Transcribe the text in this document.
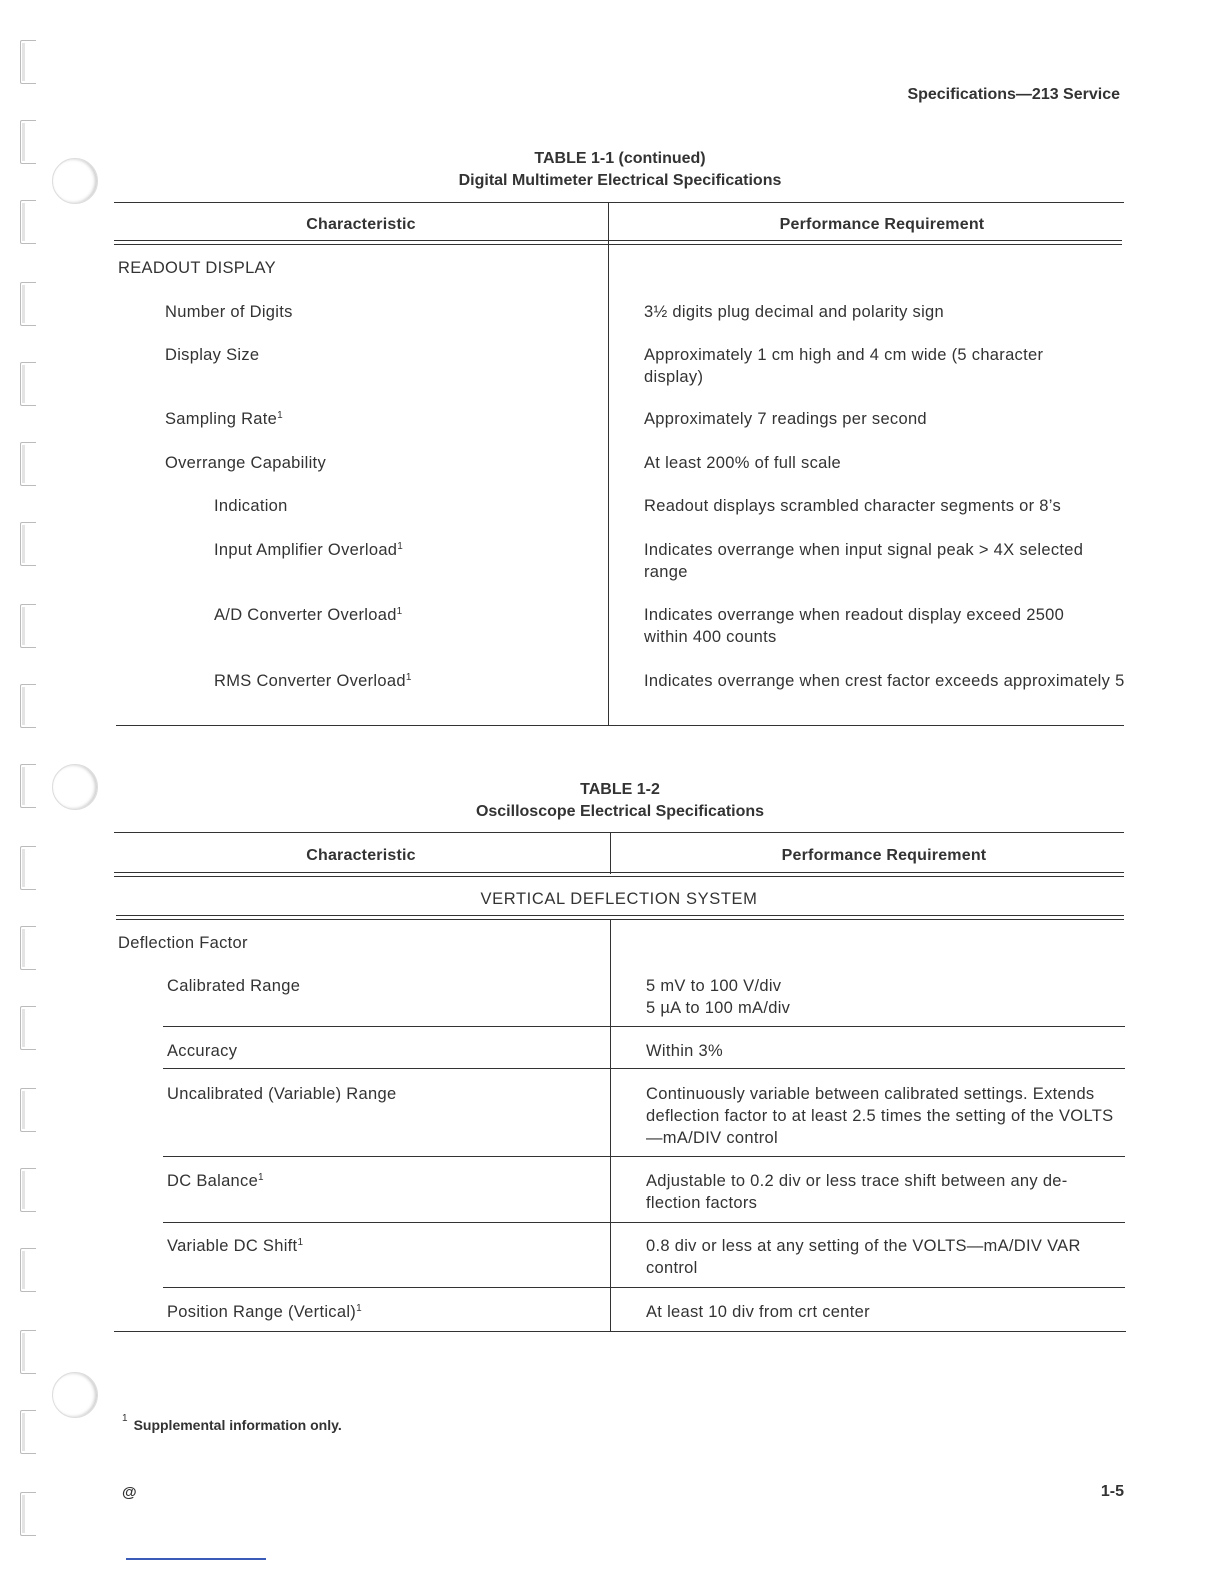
Specifications—213 Service
TABLE 1-1 (continued)
Digital Multimeter Electrical Specifications
Characteristic	Performance Requirement
READOUT DISPLAY
Number of Digits	3½ digits plug decimal and polarity sign
Display Size	Approximately 1 cm high and 4 cm wide (5 character display)
Sampling Rate$^1$	Approximately 7 readings per second
Overrange Capability	At least 200% of full scale
Indication	Readout displays scrambled character segments or 8’s
Input Amplifier Overload$^1$	Indicates overrange when input signal peak > 4X selected range
A/D Converter Overload$^1$	Indicates overrange when readout display exceed 2500 within 400 counts
RMS Converter Overload$^1$	Indicates overrange when crest factor exceeds approximately 5
TABLE 1-2
Oscilloscope Electrical Specifications
Characteristic	Performance Requirement
VERTICAL DEFLECTION SYSTEM
Deflection Factor
Calibrated Range	5 mV to 100 V/div
5 µA to 100 mA/div
Accuracy	Within 3%
Uncalibrated (Variable) Range	Continuously variable between calibrated settings. Extends deflection factor to at least 2.5 times the setting of the VOLTS—mA/DIV control
DC Balance$^1$	Adjustable to 0.2 div or less trace shift between any de-flection factors
Variable DC Shift$^1$	0.8 div or less at any setting of the VOLTS—mA/DIV VAR control
Position Range (Vertical)$^1$	At least 10 div from crt center
$^1$ Supplemental information only.
@	1-5
